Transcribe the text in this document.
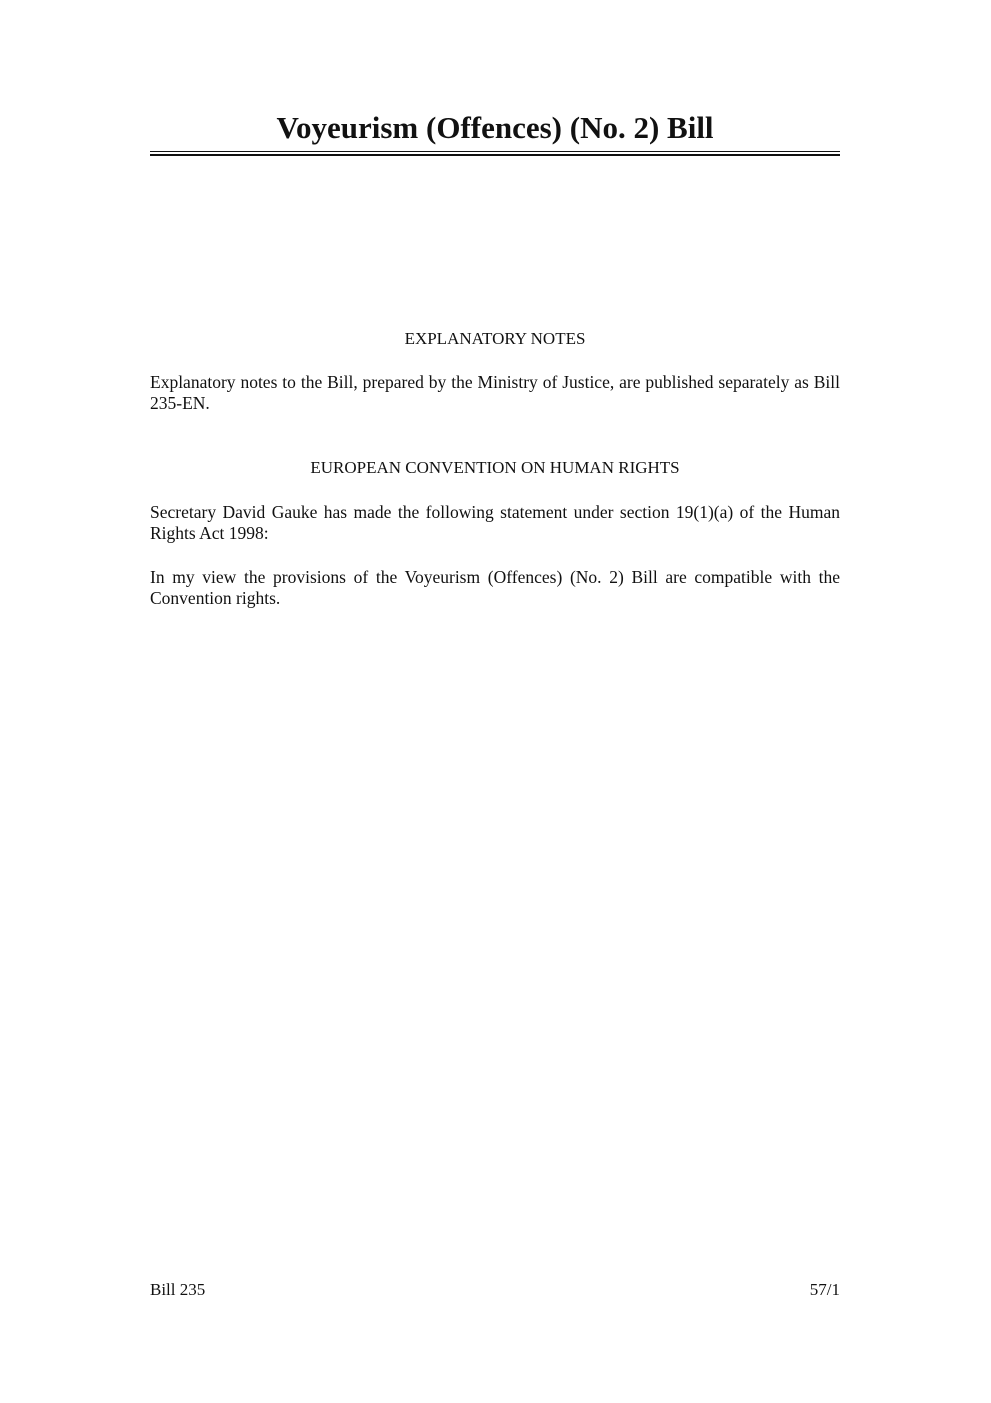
Voyeurism (Offences) (No. 2) Bill
EXPLANATORY NOTES
Explanatory notes to the Bill, prepared by the Ministry of Justice, are published separately as Bill 235-EN.
EUROPEAN CONVENTION ON HUMAN RIGHTS
Secretary David Gauke has made the following statement under section 19(1)(a) of the Human Rights Act 1998:
In my view the provisions of the Voyeurism (Offences) (No. 2) Bill are compatible with the Convention rights.
Bill 235	57/1
